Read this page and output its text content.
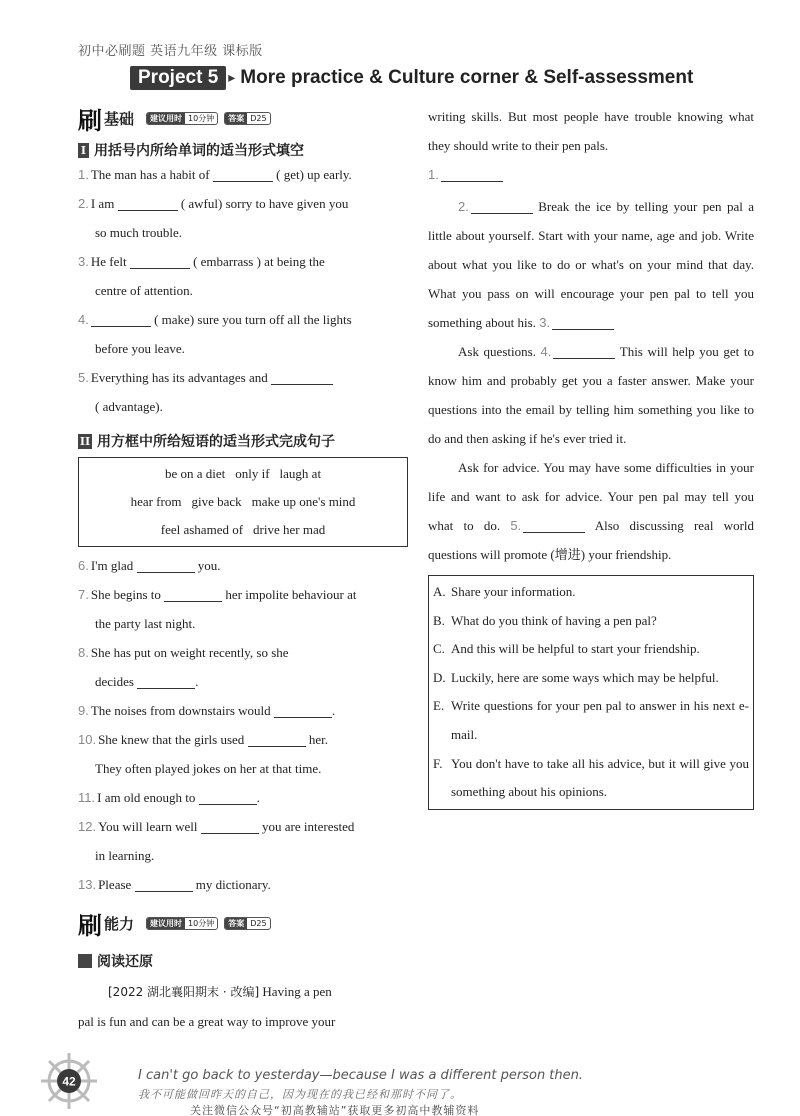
初中必刷题 英语九年级 课标版
Project 5 ▸ More practice & Culture corner & Self-assessment
刷 基础	建议用时 10分钟	答案 D25
I 用括号内所给单词的适当形式填空
1. The man has a habit of	( get) up early.
2. I am	( awful) sorry to have given you
so much trouble.
3. He felt	( embarrass ) at being the
centre of attention.
4.	( make) sure you turn off all the lights
before you leave.
5. Everything has its advantages and
( advantage).
II 用方框中所给短语的适当形式完成句子
be on a diet only if laugh at
hear from give back make up one's mind
feel ashamed of drive her mad
6. I'm glad	you.
7. She begins to	her impolite behaviour at
the party last night.
8. She has put on weight recently, so she
decides	.
9. The noises from downstairs would	.
10. She knew that the girls used	her.
They often played jokes on her at that time.
11. I am old enough to	.
12. You will learn well	you are interested
in learning.
13. Please	my dictionary.
刷 能力	建议用时 10分钟	答案 D25
阅读还原
[2022 湖北襄阳期末 · 改编] Having a pen
pal is fun and can be a great way to improve your
writing skills. But most people have trouble knowing what they should write to their pen pals.
1.
2.	Break the ice by telling your pen pal a little about yourself. Start with your name, age and job. Write about what you like to do or what's on your mind that day. What you pass on will encourage your pen pal to tell you something about his. 3.
Ask questions. 4.	This will help you get to know him and probably get you a faster answer. Make your questions into the email by telling him something you like to do and then asking if he's ever tried it.
Ask for advice. You may have some difficulties in your life and want to ask for advice. Your pen pal may tell you what to do. 5.	Also discussing real world questions will promote (增进) your friendship.
A. Share your information.
B. What do you think of having a pen pal?
C. And this will be helpful to start your friendship.
D. Luckily, here are some ways which may be helpful.
E. Write questions for your pen pal to answer in his next e-mail.
F. You don't have to take all his advice, but it will give you something about his opinions.
42	I can't go back to yesterday—because I was a different person then.
我不可能做回昨天的自己，因为现在的我已经和那时不同了。
关注微信公众号“初高教辅站”获取更多初高中教辅资料
